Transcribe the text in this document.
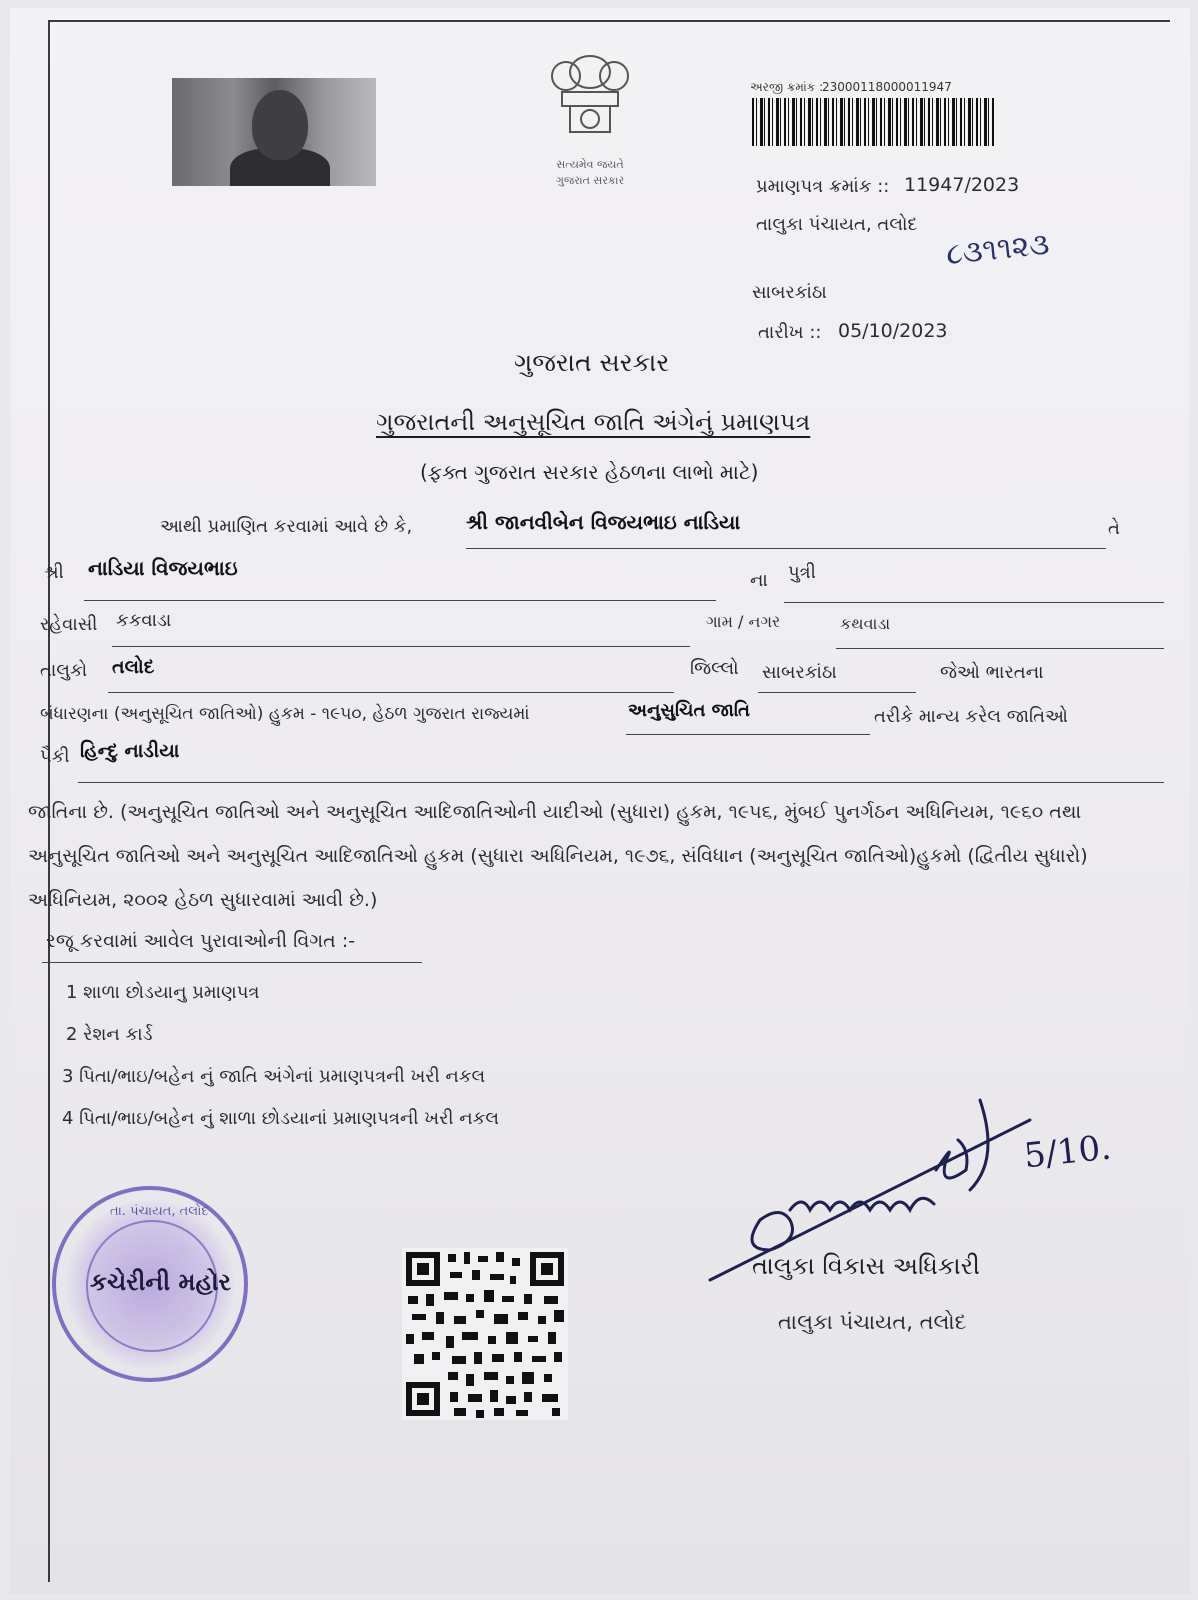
સત્યમેવ જયતે
ગુજરાત સરકાર
અરજી ક્રમાંક :
23000118000011947
પ્રમાણપત્ર ક્રમાંક :: 11947/2023
તાલુકા પંચાયત, તલોદ
૮૩૧૧૨૩
સાબરકાંઠા
તારીખ :: 05/10/2023
ગુજરાત સરકાર
ગુજરાતની અનુસૂચિત જાતિ અંગેનું પ્રમાણપત્ર
(ફક્ત ગુજરાત સરકાર હેઠળના લાભો માટે)
આથી પ્રમાણિત કરવામાં આવે છે કે,	શ્રી જાનવીબેન વિજયભાઇ નાડિયા	તે
શ્રી નાડિયા વિજયભાઇ
ના પુત્રી
રહેવાસી કકવાડા	ગામ / નગર	કથવાડા
તાલુકો તલોદ	જિલ્લો સાબરકાંઠા	જેઓ ભારતના
બંધારણના (અનુસૂચિત જાતિઓ) હુકમ - ૧૯૫૦, હેઠળ ગુજરાત રાજ્યમાં	અનુસુચિત જાતિ	તરીકે માન્ય કરેલ જાતિઓ
પૈકી હિન્દુ નાડીયા
જાતિના છે. (અનુસૂચિત જાતિઓ અને અનુસૂચિત આદિજાતિઓની યાદીઓ (સુધારા) હુકમ, ૧૯૫૬, મુંબઈ પુનર્ગઠન અધિનિયમ, ૧૯૬૦ તથા
અનુસૂચિત જાતિઓ અને અનુસૂચિત આદિજાતિઓ હુકમ (સુધારા અધિનિયમ, ૧૯૭૬, સંવિધાન (અનુસૂચિત જાતિઓ)હુકમો (દ્વિતીય સુધારો)
અધિનિયમ, ૨૦૦૨ હેઠળ સુધારવામાં આવી છે.)
રજૂ કરવામાં આવેલ પુરાવાઓની વિગત :-
1 શાળા છોડયાનુ પ્રમાણપત્ર
2 રેશન કાર્ડ
3 પિતા/ભાઇ/બહેન નું જાતિ અંગેનાં પ્રમાણપત્રની ખરી નકલ
4 પિતા/ભાઇ/બહેન નું શાળા છોડયાનાં પ્રમાણપત્રની ખરી નકલ
કચેરીની મહોર
તા. પંચાયત, તલોદ
5/10.
તાલુકા વિકાસ અધિકારી
તાલુકા પંચાયત, તલોદ
